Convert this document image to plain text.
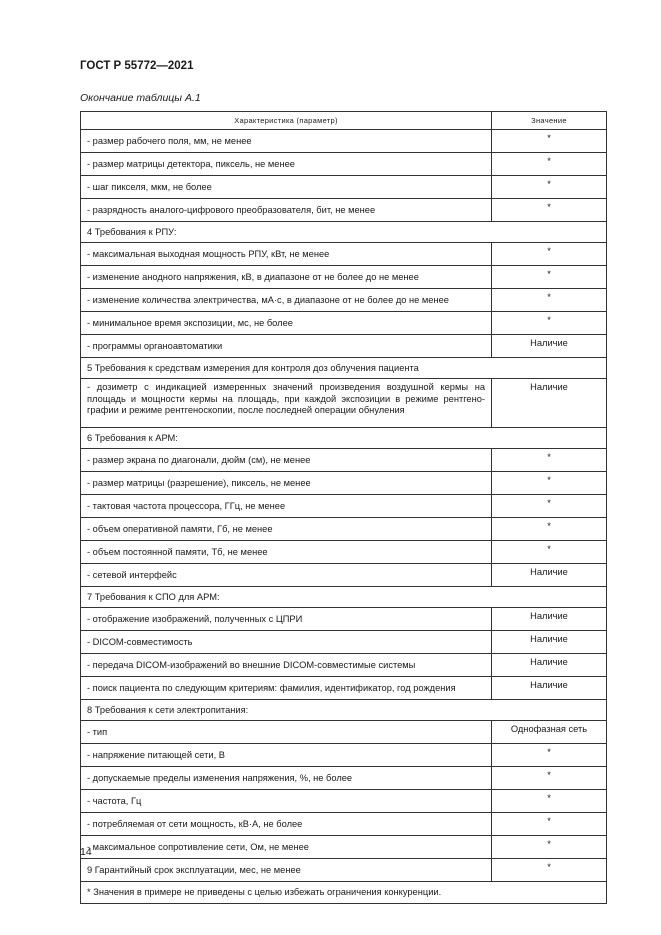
ГОСТ Р 55772—2021
Окончание таблицы А.1
Характеристика (параметр)	Значение
- размер рабочего поля, мм, не менее	*
- размер матрицы детектора, пиксель, не менее	*
- шаг пикселя, мкм, не более	*
- разрядность аналого-цифрового преобразователя, бит, не менее	*
4 Требования к РПУ:	
- максимальная выходная мощность РПУ, кВт, не менее	*
- изменение анодного напряжения, кВ, в диапазоне от не более до не менее	*
- изменение количества электричества, мА·с, в диапазоне от не более до не менее	*
- минимальное время экспозиции, мс, не более	*
- программы органоавтоматики	Наличие
5 Требования к средствам измерения для контроля доз облучения пациента	
- дозиметр с индикацией измеренных значений произведения воздушной кермы на площадь и мощности кермы на площадь, при каждой экспозиции в режиме рентгено-графии и режиме рентгеноскопии, после последней операции обнуления	Наличие
6 Требования к АРМ:	
- размер экрана по диагонали, дюйм (см), не менее	*
- размер матрицы (разрешение), пиксель, не менее	*
- тактовая частота процессора, ГГц, не менее	*
- объем оперативной памяти, Гб, не менее	*
- объем постоянной памяти, Тб, не менее	*
- сетевой интерфейс	Наличие
7 Требования к СПО для АРМ:	
- отображение изображений, полученных с ЦПРИ	Наличие
- DICOM-совместимость	Наличие
- передача DICOM-изображений во внешние DICOM-совместимые системы	Наличие
- поиск пациента по следующим критериям: фамилия, идентификатор, год рождения	Наличие
8 Требования к сети электропитания:	
- тип	Однофазная сеть
- напряжение питающей сети, В	*
- допускаемые пределы изменения напряжения, %, не более	*
- частота, Гц	*
- потребляемая от сети мощность, кВ·А, не более	*
- максимальное сопротивление сети, Ом, не менее	*
9 Гарантийный срок эксплуатации, мес, не менее	*
* Значения в примере не приведены с целью избежать ограничения конкуренции.	
14
